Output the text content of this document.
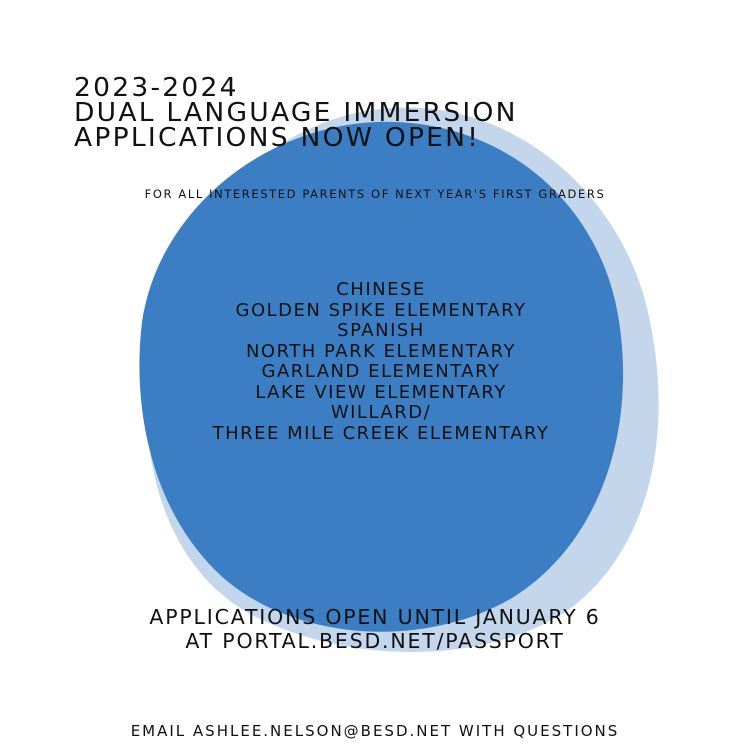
2023-2024
DUAL LANGUAGE IMMERSION
APPLICATIONS NOW OPEN!
FOR ALL INTERESTED PARENTS OF NEXT YEAR'S FIRST GRADERS
CHINESE
GOLDEN SPIKE ELEMENTARY
SPANISH
NORTH PARK ELEMENTARY
GARLAND ELEMENTARY
LAKE VIEW ELEMENTARY
WILLARD/
THREE MILE CREEK ELEMENTARY
APPLICATIONS OPEN UNTIL JANUARY 6
AT PORTAL.BESD.NET/PASSPORT
EMAIL ASHLEE.NELSON@BESD.NET WITH QUESTIONS
